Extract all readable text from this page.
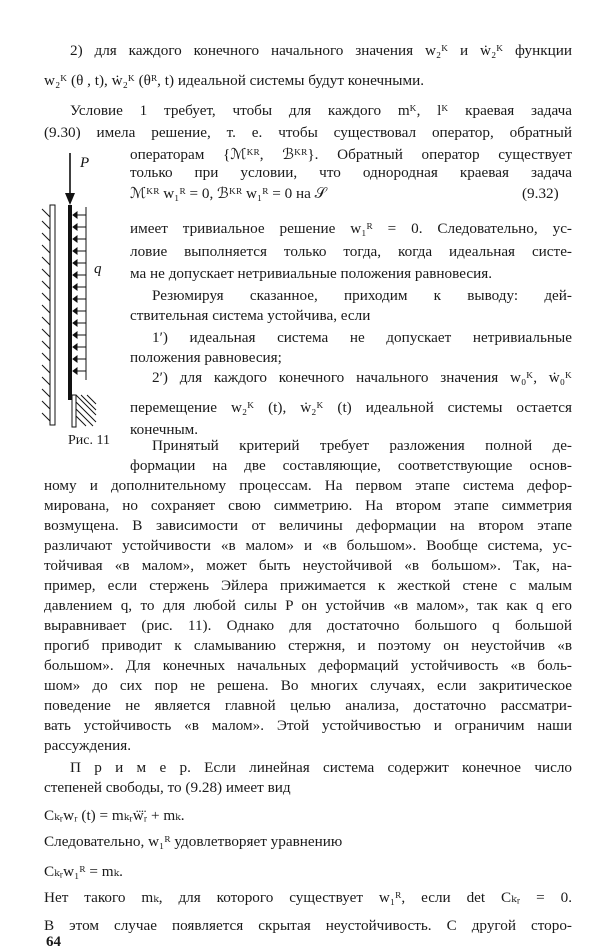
P
q
2) для каждого конечного начального значения w₂ᴷ и ẇ₂ᴷ функции
w₂ᴷ (θ , t), ẇ₂ᴷ (θᴿ, t) идеальной системы будут конечными.
Условие 1 требует, чтобы для каждого mᴷ, lᴷ краевая задача
(9.30) имела решение, т. е. чтобы существовал оператор, обратный
операторам {ℳᴷᴿ, ℬᴷᴿ}. Обратный оператор существует
только при условии, что однородная краевая задача
ℳᴷᴿ w₁ᴿ = 0, ℬᴷᴿ w₁ᴿ = 0 на 𝒮	(9.32)
имеет тривиальное решение w₁ᴿ = 0. Следовательно, ус-
ловие выполняется только тогда, когда идеальная систе-
ма не допускает нетривиальные положения равновесия.
Резюмируя сказанное, приходим к выводу: дей-
ствительная система устойчива, если
1′) идеальная система не допускает нетривиальные
положения равновесия;
2′) для каждого конечного начального значения w₀ᴷ, ẇ₀ᴷ
перемещение w₂ᴷ (t), ẇ₂ᴷ (t) идеальной системы остается
конечным.
Рис. 11	Принятый критерий требует разложения полной де-
формации на две составляющие, соответствующие основ-
ному и дополнительному процессам. На первом этапе система дефор-
мирована, но сохраняет свою симметрию. На втором этапе симметрия
возмущена. В зависимости от величины деформации на втором этапе
различают устойчивости «в малом» и «в большом». Вообще система, ус-
тойчивая «в малом», может быть неустойчивой «в большом». Так, на-
пример, если стержень Эйлера прижимается к жесткой стене с малым
давлением q, то для любой силы P он устойчив «в малом», так как q его
выравнивает (рис. 11). Однако для достаточно большого q большой
прогиб приводит к сламыванию стержня, и поэтому он неустойчив «в
большом». Для конечных начальных деформаций устойчивость «в боль-
шом» до сих пор не решена. Во многих случаях, если закритическое
поведение не является главной целью анализа, достаточно рассматри-
вать устойчивость «в малом». Этой устойчивостью и ограничим наши
рассуждения.
П р и м е р. Если линейная система содержит конечное число
степеней свободы, то (9.28) имеет вид
Cₖᵣwᵣ (t) = mₖᵣẅ̈ᵣ + mₖ.
Следовательно, w₁ᴿ удовлетворяет уравнению
Cₖᵣw₁ᴿ = mₖ.
Нет такого mₖ, для которого существует w₁ᴿ, если det Cₖᵣ = 0.
В этом случае появляется скрытая неустойчивость. С другой сторо-
64
